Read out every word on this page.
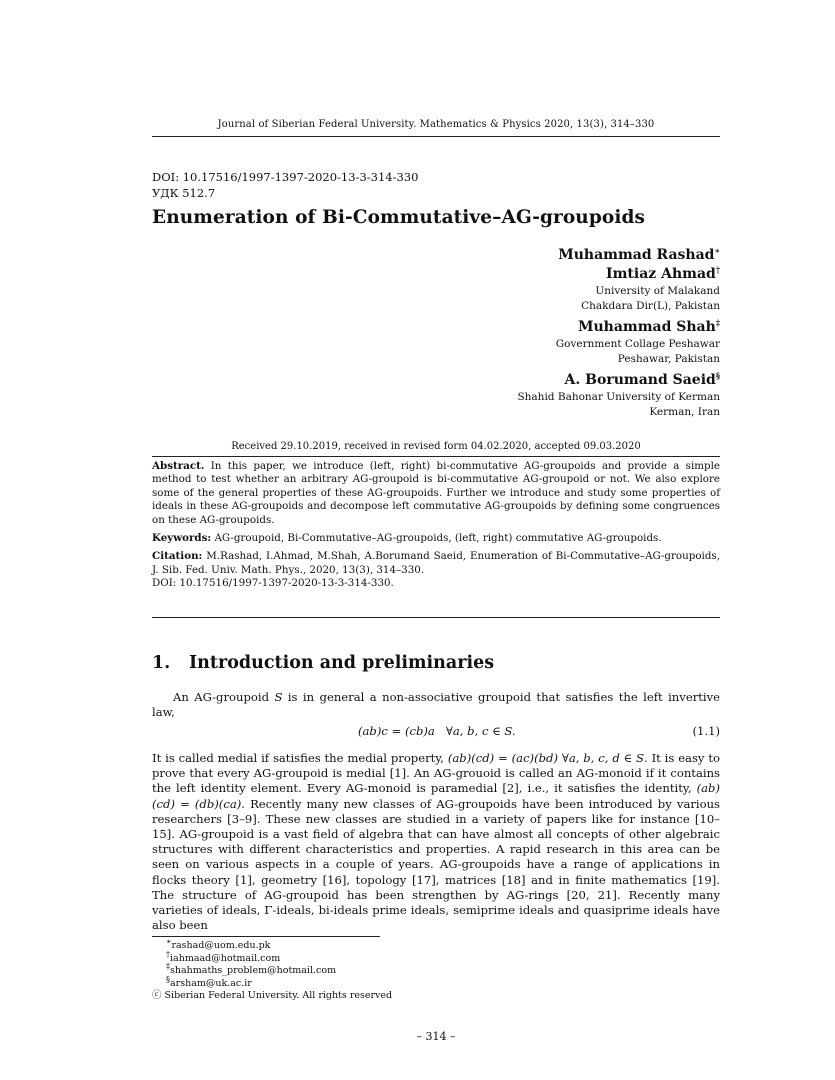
Journal of Siberian Federal University. Mathematics & Physics 2020, 13(3), 314–330
DOI: 10.17516/1997-1397-2020-13-3-314-330
УДК 512.7
Enumeration of Bi-Commutative–AG-groupoids
Muhammad Rashad∗
Imtiaz Ahmad†
University of Malakand
Chakdara Dir(L), Pakistan
Muhammad Shah‡
Government Collage Peshawar
Peshawar, Pakistan
A. Borumand Saeid§
Shahid Bahonar University of Kerman
Kerman, Iran
Received 29.10.2019, received in revised form 04.02.2020, accepted 09.03.2020

Abstract. In this paper, we introduce (left, right) bi-commutative AG-groupoids and provide a simple method to test whether an arbitrary AG-groupoid is bi-commutative AG-groupoid or not. We also explore some of the general properties of these AG-groupoids. Further we introduce and study some properties of ideals in these AG-groupoids and decompose left commutative AG-groupoids by defining some congruences on these AG-groupoids.

Keywords: AG-groupoid, Bi-Commutative–AG-groupoids, (left, right) commutative AG-groupoids.

Citation: M.Rashad, I.Ahmad, M.Shah, A.Borumand Saeid, Enumeration of Bi-Commutative–AG-groupoids, J. Sib. Fed. Univ. Math. Phys., 2020, 13(3), 314–330.
DOI: 10.17516/1997-1397-2020-13-3-314-330.

1. Introduction and preliminaries

An AG-groupoid S is in general a non-associative groupoid that satisfies the left invertive law,

(ab)c = (cb)a   ∀a, b, c ∈ S.	(1.1)

It is called medial if satisfies the medial property, (ab)(cd) = (ac)(bd) ∀a, b, c, d ∈ S. It is easy to prove that every AG-groupoid is medial [1]. An AG-grouoid is called an AG-monoid if it contains the left identity element. Every AG-monoid is paramedial [2], i.e., it satisfies the identity, (ab)(cd) = (db)(ca). Recently many new classes of AG-groupoids have been introduced by various researchers [3–9]. These new classes are studied in a variety of papers like for instance [10–15]. AG-groupoid is a vast field of algebra that can have almost all concepts of other algebraic structures with different characteristics and properties. A rapid research in this area can be seen on various aspects in a couple of years. AG-groupoids have a range of applications in flocks theory [1], geometry [16], topology [17], matrices [18] and in finite mathematics [19]. The structure of AG-groupoid has been strengthen by AG-rings [20, 21]. Recently many varieties of ideals, Γ-ideals, bi-ideals prime ideals, semiprime ideals and quasiprime ideals have also been

∗rashad@uom.edu.pk
†iahmaad@hotmail.com
‡shahmaths_problem@hotmail.com
§arsham@uk.ac.ir
ⓒ Siberian Federal University. All rights reserved
– 314 –
